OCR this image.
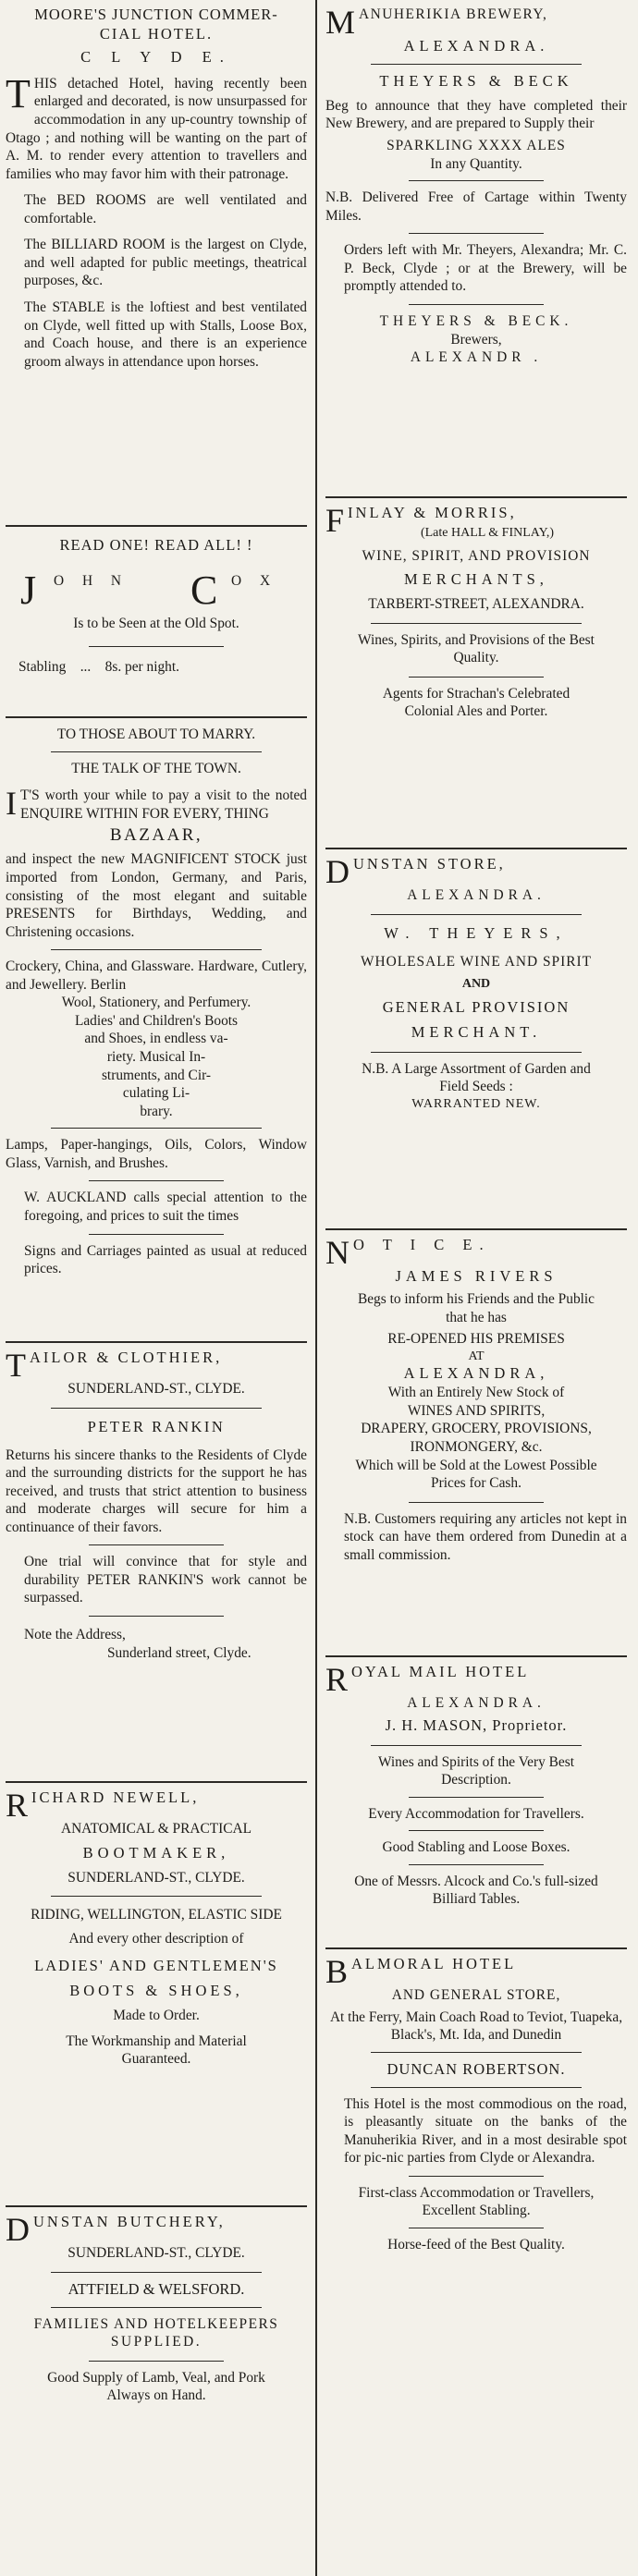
MOORE'S JUNCTION COMMER-
CIAL HOTEL.
C L Y D E.

THIS detached Hotel, having recently been enlarged and decorated, is now unsurpassed for accommodation in any up-country township of Otago ; and nothing will be wanting on the part of A. M. to render every attention to travellers and families who may favor him with their patronage.

The BED ROOMS are well ventilated and comfortable.

The BILLIARD ROOM is the largest on Clyde, and well adapted for public meetings, theatrical purposes, &c.

The STABLE is the loftiest and best ventilated on Clyde, well fitted up with Stalls, Loose Box, and Coach house, and there is an experience groom always in attendance upon horses.

READ ONE! READ ALL! !
J O H N C O X
Is to be Seen at the Old Spot.
Stabling    ...    8s. per night.
TO THOSE ABOUT TO MARRY.
THE TALK OF THE TOWN.

I T'S worth your while to pay a visit to the noted ENQUIRE WITHIN FOR EVERY, THING

BAZAAR,

and inspect the new MAGNIFICENT STOCK just imported from London, Germany, and Paris, consisting of the most elegant and suitable PRESENTS for Birthdays, Wedding, and Christening occasions.

Crockery, China, and Glassware. Hardware, Cutlery, and Jewellery. Berlin
Wool, Stationery, and Perfumery.
Ladies' and Children's Boots
and Shoes, in endless va-
riety. Musical In-
struments, and Cir-
culating Li-
brary.

Lamps, Paper-hangings, Oils, Colors, Window Glass, Varnish, and Brushes.

W. AUCKLAND calls special attention to the foregoing, and prices to suit the times

Signs and Carriages painted as usual at reduced prices.

TAILOR & CLOTHIER,
SUNDERLAND-ST., CLYDE.
PETER RANKIN

Returns his sincere thanks to the Residents of Clyde and the surrounding districts for the support he has received, and trusts that strict attention to business and moderate charges will secure for him a continuance of their favors.

One trial will convince that for style and durability PETER RANKIN'S work cannot be surpassed.

Note the Address,
Sunderland street, Clyde.
RICHARD NEWELL,
ANATOMICAL & PRACTICAL
BOOTMAKER,
SUNDERLAND-ST., CLYDE.
RIDING, WELLINGTON, ELASTIC SIDE
And every other description of
LADIES' AND GENTLEMEN'S
BOOTS & SHOES,
Made to Order.
The Workmanship and Material
Guaranteed.
DUNSTAN BUTCHERY,
SUNDERLAND-ST., CLYDE.
ATTFIELD & WELSFORD.
FAMILIES AND HOTELKEEPERS
SUPPLIED.
Good Supply of Lamb, Veal, and Pork
Always on Hand.
MANUHERIKIA BREWERY,
ALEXANDRA.
THEYERS & BECK

Beg to announce that they have completed their New Brewery, and are prepared to Supply their

SPARKLING XXXX ALES
In any Quantity.

N.B. Delivered Free of Cartage within Twenty Miles.

Orders left with Mr. Theyers, Alexandra; Mr. C. P. Beck, Clyde ; or at the Brewery, will be promptly attended to.

THEYERS & BECK.
Brewers,
ALEXANDR .
FINLAY & MORRIS,
(Late HALL & FINLAY,)
WINE, SPIRIT, AND PROVISION
MERCHANTS,
TARBERT-STREET, ALEXANDRA.
Wines, Spirits, and Provisions of the Best
Quality.
Agents for Strachan's Celebrated
Colonial Ales and Porter.
DUNSTAN STORE,
ALEXANDRA.
W. THEYERS,
WHOLESALE WINE AND SPIRIT
AND
GENERAL PROVISION
MERCHANT.
N.B. A Large Assortment of Garden and
Field Seeds :
WARRANTED NEW.
N O T I C E.
JAMES RIVERS
Begs to inform his Friends and the Public
that he has
RE-OPENED HIS PREMISES
AT
ALEXANDRA,
With an Entirely New Stock of
WINES AND SPIRITS,
DRAPERY, GROCERY, PROVISIONS,
IRONMONGERY, &c.
Which will be Sold at the Lowest Possible
Prices for Cash.

N.B. Customers requiring any articles not kept in stock can have them ordered from Dunedin at a small commission.

ROYAL MAIL HOTEL
ALEXANDRA.
J. H. MASON, Proprietor.
Wines and Spirits of the Very Best
Description.
Every Accommodation for Travellers.
Good Stabling and Loose Boxes.
One of Messrs. Alcock and Co.'s full-sized
Billiard Tables.
BALMORAL HOTEL
AND GENERAL STORE,
At the Ferry, Main Coach Road to Teviot, Tuapeka, Black's, Mt. Ida, and Dunedin
DUNCAN ROBERTSON.

This Hotel is the most commodious on the road, is pleasantly situate on the banks of the Manuherikia River, and in a most desirable spot for pic-nic parties from Clyde or Alexandra.

First-class Accommodation or Travellers,
Excellent Stabling.
Horse-feed of the Best Quality.
